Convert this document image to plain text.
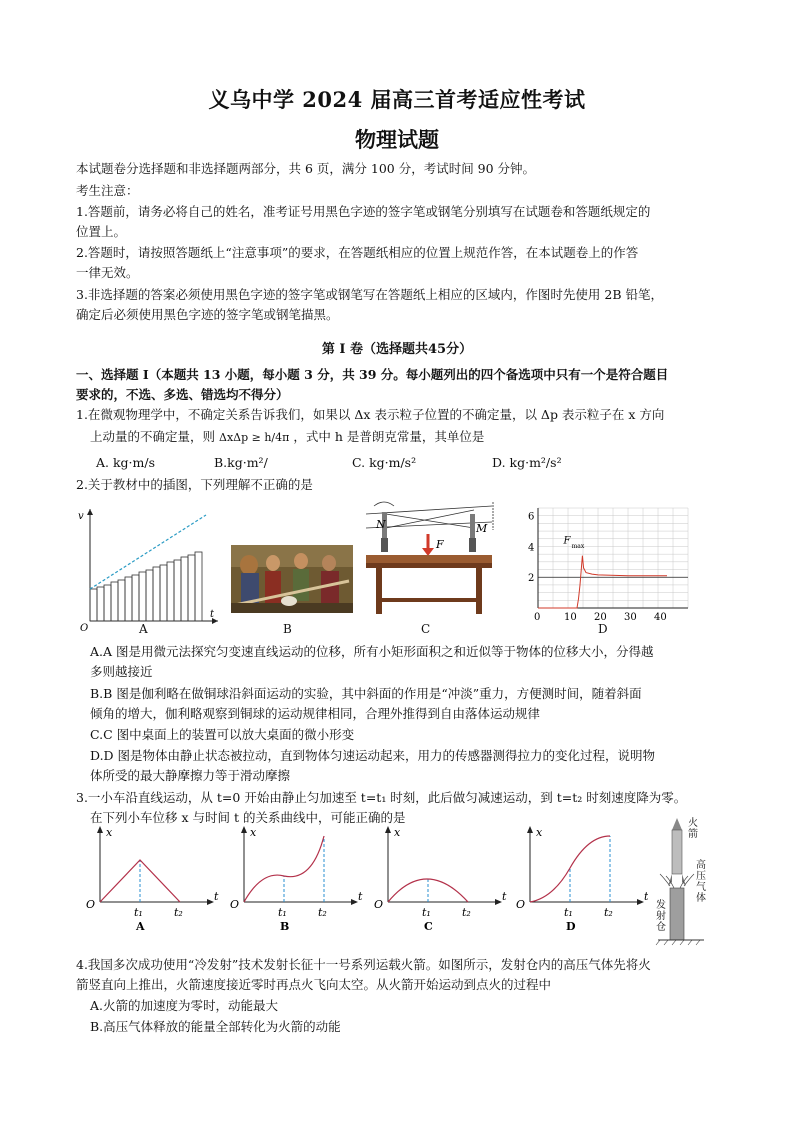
义乌中学 2024 届高三首考适应性考试
物理试题
本试题卷分选择题和非选择题两部分，共 6 页，满分 100 分，考试时间 90 分钟。
考生注意：
1.答题前，请务必将自己的姓名，准考证号用黑色字迹的签字笔或钢笔分别填写在试题卷和答题纸规定的
位置上。
2.答题时，请按照答题纸上“注意事项”的要求，在答题纸相应的位置上规范作答，在本试题卷上的作答
一律无效。
3.非选择题的答案必须使用黑色字迹的签字笔或钢笔写在答题纸上相应的区域内，作图时先使用 2B 铅笔，
确定后必须使用黑色字迹的签字笔或钢笔描黑。
第 I 卷（选择题共45分）
一、选择题 I（本题共 13 小题，每小题 3 分，共 39 分。每小题列出的四个备选项中只有一个是符合题目
要求的，不选、多选、错选均不得分）
1.在微观物理学中，不确定关系告诉我们，如果以 Δx 表示粒子位置的不确定量，以 Δp 表示粒子在 x 方向
上动量的不确定量，则 ΔxΔp ≥ h/4π ，式中 h 是普朗克常量，其单位是
A. kg·m/s	B.kg·m²/	C. kg·m/s²	D. kg·m²/s²
2.关于教材中的插图，下列理解不正确的是
v
t
O	A	B
N	M
F
C
0 10 20 30 40
2
4
6
F
max
D
A.A 图是用微元法探究匀变速直线运动的位移，所有小矩形面积之和近似等于物体的位移大小，分得越
多则越接近
B.B 图是伽利略在做铜球沿斜面运动的实验，其中斜面的作用是“冲淡”重力，方便测时间，随着斜面
倾角的增大，伽利略观察到铜球的运动规律相同，合理外推得到自由落体运动规律
C.C 图中桌面上的装置可以放大桌面的微小形变
D.D 图是物体由静止状态被拉动，直到物体匀速运动起来，用力的传感器测得拉力的变化过程，说明物
体所受的最大静摩擦力等于滑动摩擦
3.一小车沿直线运动，从 t=0 开始由静止匀加速至 t=t₁ 时刻，此后做匀减速运动，到 t=t₂ 时刻速度降为零。
在下列小车位移 x 与时间 t 的关系曲线中，可能正确的是
x
t
O
t₁	t₂
A
x
t
O
t₁	t₂
B
x
t
O
t₁	t₂
C
x
t
O
t₁	t₂
D
火箭
高压气体
发射仓
4.我国多次成功使用“冷发射”技术发射长征十一号系列运载火箭。如图所示，发射仓内的高压气体先将火
箭竖直向上推出，火箭速度接近零时再点火飞向太空。从火箭开始运动到点火的过程中
A.火箭的加速度为零时，动能最大
B.高压气体释放的能量全部转化为火箭的动能
